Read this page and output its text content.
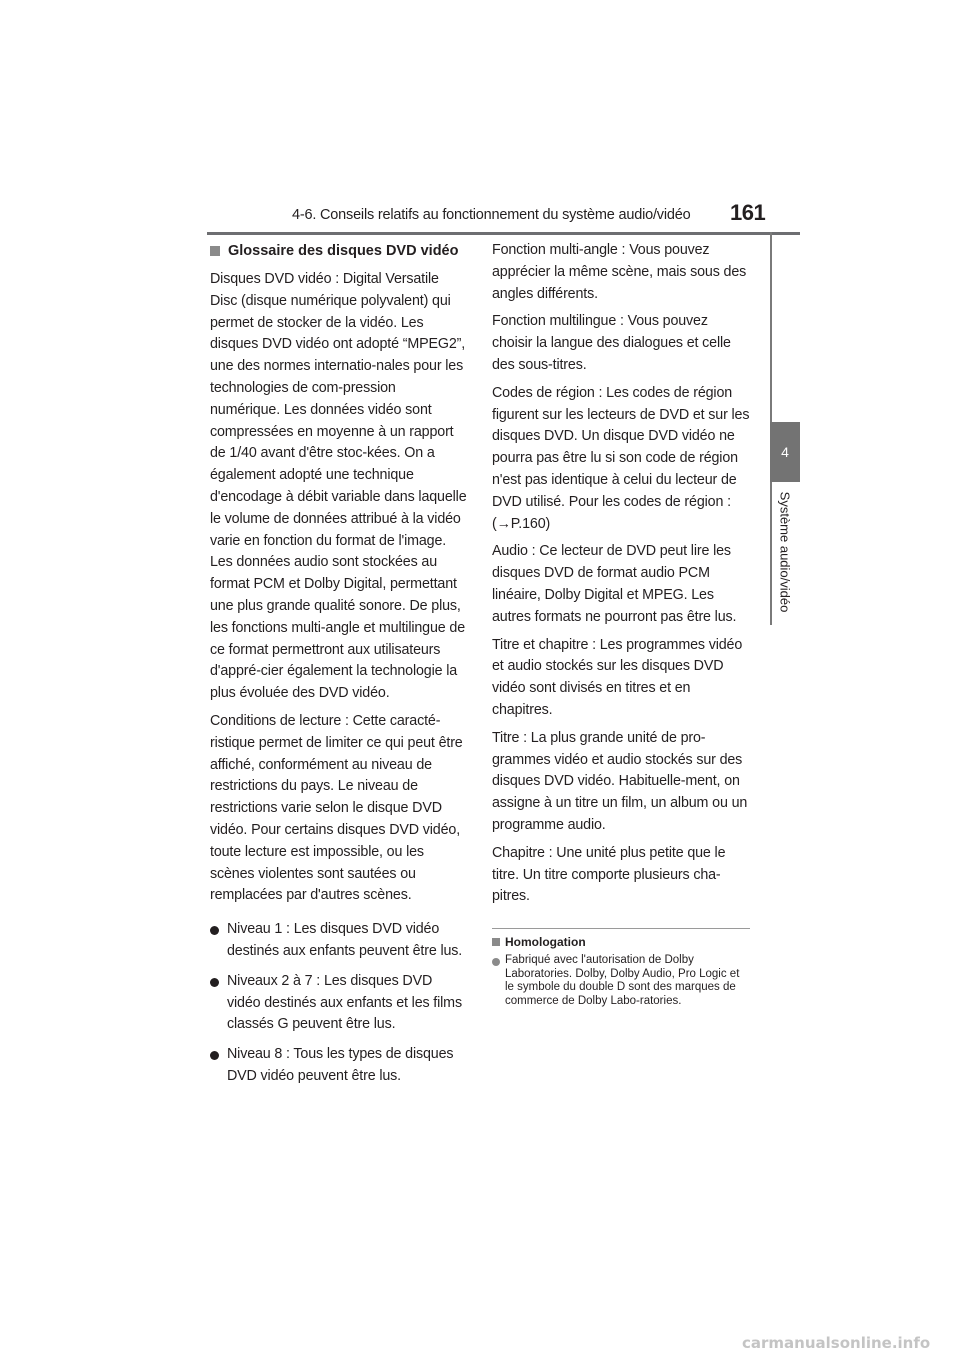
4-6. Conseils relatifs au fonctionnement du système audio/vidéo 161
4
Système audio/vidéo
Glossaire des disques DVD vidéo

Disques DVD vidéo : Digital Versatile Disc (disque numérique polyvalent) qui permet de stocker de la vidéo. Les disques DVD vidéo ont adopté “MPEG2”, une des normes internatio-nales pour les technologies de com-pression numérique. Les données vidéo sont compressées en moyenne à un rapport de 1/40 avant d'être stoc-kées. On a également adopté une technique d'encodage à débit variable dans laquelle le volume de données attribué à la vidéo varie en fonction du format de l'image. Les données audio sont stockées au format PCM et Dolby Digital, permettant une plus grande qualité sonore. De plus, les fonctions multi-angle et multilingue de ce format permettront aux utilisateurs d'appré-cier également la technologie la plus évoluée des DVD vidéo.

Conditions de lecture : Cette caracté-ristique permet de limiter ce qui peut être affiché, conformément au niveau de restrictions du pays. Le niveau de restrictions varie selon le disque DVD vidéo. Pour certains disques DVD vidéo, toute lecture est impossible, ou les scènes violentes sont sautées ou remplacées par d'autres scènes.

Niveau 1 : Les disques DVD vidéo destinés aux enfants peuvent être lus.
Niveaux 2 à 7 : Les disques DVD vidéo destinés aux enfants et les films classés G peuvent être lus.
Niveau 8 : Tous les types de disques DVD vidéo peuvent être lus.

Fonction multi-angle : Vous pouvez apprécier la même scène, mais sous des angles différents.

Fonction multilingue : Vous pouvez choisir la langue des dialogues et celle des sous-titres.

Codes de région : Les codes de région figurent sur les lecteurs de DVD et sur les disques DVD. Un disque DVD vidéo ne pourra pas être lu si son code de région n'est pas identique à celui du lecteur de DVD utilisé. Pour les codes de région : (→P.160)

Audio : Ce lecteur de DVD peut lire les disques DVD de format audio PCM linéaire, Dolby Digital et MPEG. Les autres formats ne pourront pas être lus.

Titre et chapitre : Les programmes vidéo et audio stockés sur les disques DVD vidéo sont divisés en titres et en chapitres.

Titre : La plus grande unité de pro-grammes vidéo et audio stockés sur des disques DVD vidéo. Habituelle-ment, on assigne à un titre un film, un album ou un programme audio.

Chapitre : Une unité plus petite que le titre. Un titre comporte plusieurs cha-pitres.

Homologation
Fabriqué avec l'autorisation de Dolby Laboratories. Dolby, Dolby Audio, Pro Logic et le symbole du double D sont des marques de commerce de Dolby Labo-ratories.
carmanualsonline.info
